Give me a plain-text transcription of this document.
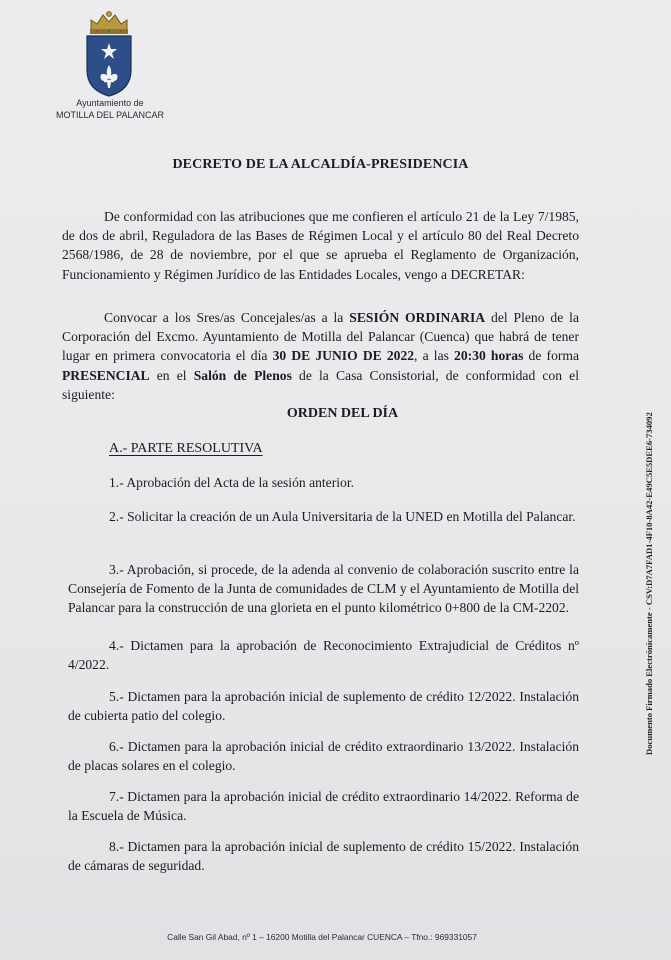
Ayuntamiento de
MOTILLA DEL PALANCAR
DECRETO DE LA ALCALDÍA-PRESIDENCIA
De conformidad con las atribuciones que me confieren el artículo 21 de la Ley 7/1985, de dos de abril, Reguladora de las Bases de Régimen Local y el artículo 80 del Real Decreto 2568/1986, de 28 de noviembre, por el que se aprueba el Reglamento de Organización, Funcionamiento y Régimen Jurídico de las Entidades Locales, vengo a DECRETAR:
Convocar a los Sres/as Concejales/as a la SESIÓN ORDINARIA del Pleno de la Corporación del Excmo. Ayuntamiento de Motilla del Palancar (Cuenca) que habrá de tener lugar en primera convocatoria el día 30 DE JUNIO DE 2022, a las 20:30 horas de forma PRESENCIAL en el Salón de Plenos de la Casa Consistorial, de conformidad con el siguiente:
ORDEN DEL DÍA
A.- PARTE RESOLUTIVA
1.- Aprobación del Acta de la sesión anterior.
2.- Solicitar la creación de un Aula Universitaria de la UNED en Motilla del Palancar.
3.- Aprobación, si procede, de la adenda al convenio de colaboración suscrito entre la Consejería de Fomento de la Junta de comunidades de CLM y el Ayuntamiento de Motilla del Palancar para la construcción de una glorieta en el punto kilométrico 0+800 de la CM-2202.
4.- Dictamen para la aprobación de Reconocimiento Extrajudicial de Créditos nº 4/2022.
5.- Dictamen para la aprobación inicial de suplemento de crédito 12/2022. Instalación de cubierta patio del colegio.
6.- Dictamen para la aprobación inicial de crédito extraordinario 13/2022. Instalación de placas solares en el colegio.
7.- Dictamen para la aprobación inicial de crédito extraordinario 14/2022. Reforma de la Escuela de Música.
8.- Dictamen para la aprobación inicial de suplemento de crédito 15/2022. Instalación de cámaras de seguridad.
Documento Firmado Electrónicamente - CSV:D7A7FAD1-4F10-8A42-E49C5E5DEE6-734092
Calle San Gil Abad, nº 1 – 16200 Motilla del Palancar CUENCA – Tfno.: 969331057
